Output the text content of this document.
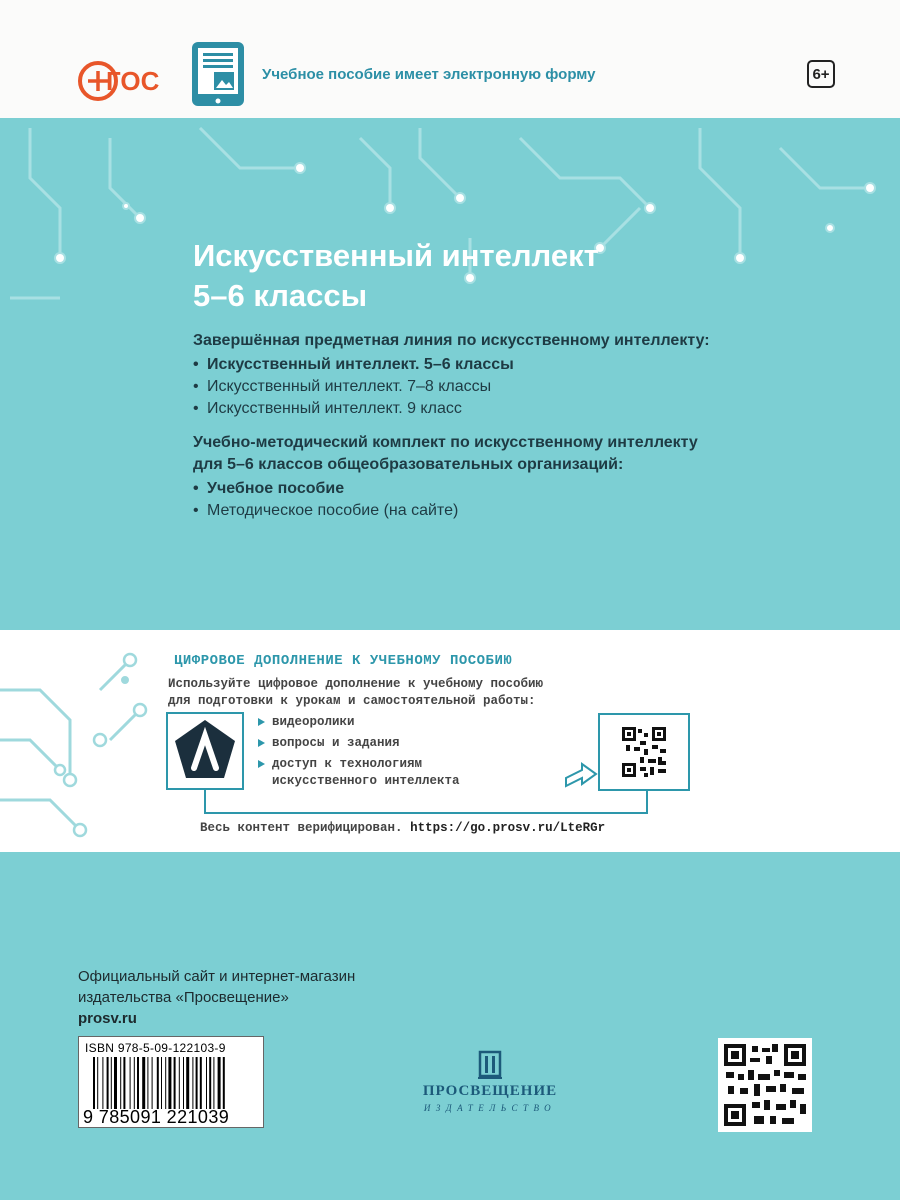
ГОС	Учебное пособие имеет электронную форму	6+
Искусственный интеллект
5–6 классы
Завершённая предметная линия по искусственному интеллекту:
• Искусственный интеллект. 5–6 классы
• Искусственный интеллект. 7–8 классы
• Искусственный интеллект. 9 класс
Учебно-методический комплект по искусственному интеллекту
для 5–6 классов общеобразовательных организаций:
• Учебное пособие
• Методическое пособие (на сайте)
ЦИФРОВОЕ ДОПОЛНЕНИЕ К УЧЕБНОМУ ПОСОБИЮ
Используйте цифровое дополнение к учебному пособию
для подготовки к урокам и самостоятельной работы:
видеоролики
вопросы и задания
доступ к технологиям
искусственного интеллекта
Весь контент верифицирован. https://go.prosv.ru/LteRGr
Официальный сайт и интернет-магазин
издательства «Просвещение»
prosv.ru
ISBN 978-5-09-122103-9
9 785091 221039
ПРОСВЕЩЕНИЕ
ИЗДАТЕЛЬСТВО
